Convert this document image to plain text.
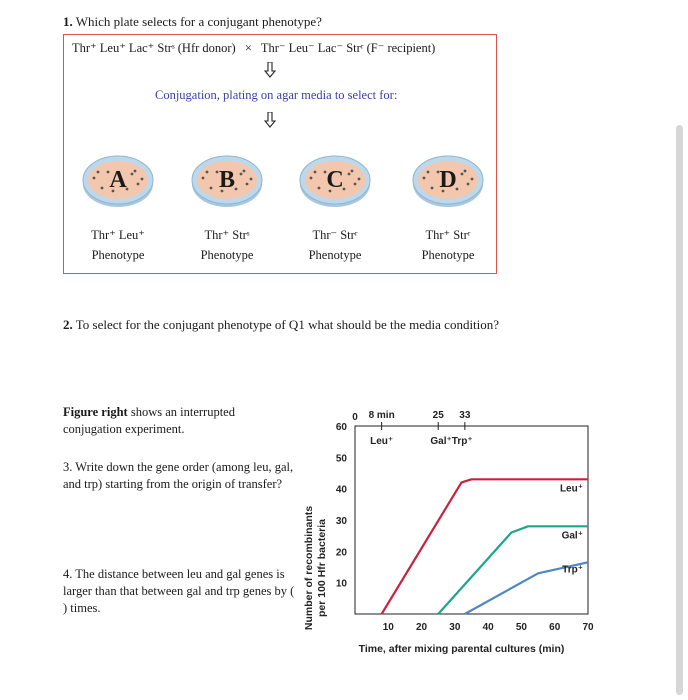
1. Which plate selects for a conjugant phenotype?
Thr⁺ Leu⁺ Lac⁺ Strˢ (Hfr donor) × Thr⁻ Leu⁻ Lac⁻ Strʳ (F⁻ recipient)
Conjugation, plating on agar media to select for:
A
Thr⁺ Leu⁺
Phenotype
B
Thr⁺ Strˢ
Phenotype
C
Thr⁻ Strʳ
Phenotype
D
Thr⁺ Strʳ
Phenotype
2. To select for the conjugant phenotype of Q1 what should be the media condition?
Figure right shows an interrupted conjugation experiment.
3. Write down the gene order (among leu, gal, and trp) starting from the origin of transfer?
4. The distance between leu and gal genes is larger than that between gal and trp genes by ( ) times.
10
20
30
40
50
60
10 20 30 40 50 60 70
0 8 min	25 33
Leu⁺	Gal⁺Trp⁺
Leu⁺
Gal⁺
Trp⁺
Number of recombinants per 100 Hfr bacteria
Time, after mixing parental cultures (min)
